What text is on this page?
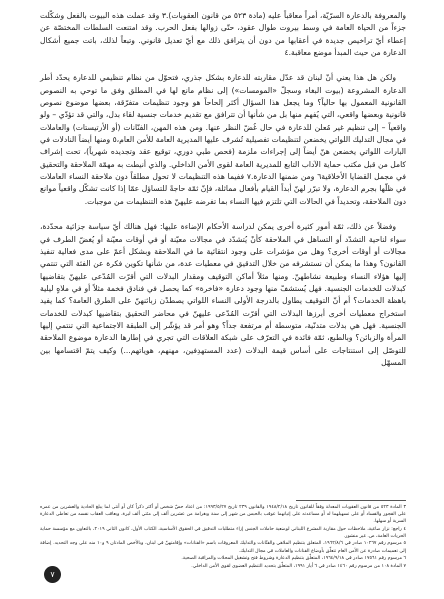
والمعروفة بالدعارة السرّيّة، أمراً معاقباً عليه (مادة ٥٢٣ من قانون العقوبات).٣ وقد عملت هذه البيوت بالفعل وشكّلت جزءاً من الحياة العامة في وسط بيروت طوال عقود، حتّى زوالها بفعل الحرب. وقد امتنعت السلطات المختصّة عن إعطاء أيّ تراخيص جديدة في أعقابها من دون أن يترافق ذلك مع أيّ تعديل قانوني. وتبعاً لذلك، باتت جميع أشكال الدعارة من حيث المبدأ موضع معاقبة.٤

ولكن هل هذا يعني أنّ لبنان قد عدّل مقاربته للدعارة بشكل جذري، فتحوّل من نظام تنظيمي للدعارة يحدّد أطر الدعارة المشروعة (بيوت البغاء وسجلّ «المومسات») إلى نظام مانع لها في المطلق وفق ما توحي به النصوص القانونية المعمول بها حالياً؟ وما يجعل هذا السؤال أكثر إلحاحاً هو وجود تنظيمات متفرّقة، بعضها موضوع نصوص قانونية وبعضها واقعي، التي يُفهم منها بل من شأنها أن تترافق مع تقديم خدمات جنسية لقاء بدل، والتي قد تؤدّي – ولو واقعياً – إلى تنظيم غير مُعلن للدعارة في حال غُضّ النظر عنها. ومن هذه المهن، الفنّانات (أو الأرتيستات) والعاملات في مجال التدليك اللواتي يخضعن لتنظيمات تفصيلية تُشرف عليها المديرية العامة للأمن العام،٥ ومنها أيضاً النادلات في البارات اللواتي يخضعن هنّ أيضاً إلى إجراءات ملزمة (فحص طبي دوري، توقيع عقد وتجديده شهرياً)، تحت إشراف كامل من قبل مكتب حماية الآداب التابع للمديرية العامة لقوى الأمن الداخلي. والذي أنيطت به مهمّة الملاحقة والتحقيق في مجمل القضايا الأخلاقية٦ ومن ضمنها الدعارة.٧ ففيما هذه التنظيمات لا تحول مطلقاً دون ملاحقة النساء العاملات في ظلّها بجرم الدعارة، ولا تبرّر لهنّ أبداً القيام بأفعال مماثلة، فإنّ ثمّة حاجةً للتساؤل عمّا إذا كانت تشكّل واقعياً موانع دون الملاحقة، وتحديداً في الحالات التي تلتزم فيها النساء بما تفرضه عليهنّ هذه التنظيمات من موجبات.

وفضلاً عن ذلك، ثمّة أمور كثيرة أخرى يمكن لدراسة الأحكام الإضاءة عليها: فهل هنالك أيّ سياسة جزائية محدّدة، سواء لناحية التشدّد أو التساهل في الملاحقة كأنْ يُتشدّد في مجالات معيّنة أو في أوقات معيّنة أو يُغضّ الطرف في مجالات أو أوقات أخرى؟ وهل من مؤشرات على وجود انتقائية ما في الملاحقة وبشكل أعمّ على مدى فعالية تنفيذ القانون؟ وهذا ما يمكن أن نستشرفه من خلال التدقيق في معطيات عدة، من شأنها تكوين فكرة عن الفئة التي تنتمي إليها هؤلاء النساء وطبيعة نشاطهنّ. ومنها مثلاً أماكن التوقيف ومقدار البدلات التي أقرّت المُدّعى عليهنّ بتقاضيها كبدلات للخدمات الجنسية. فهل يُستشفّ منها وجود دعارة «فاخرة» كما يحصل في فنادق فخمة مثلاً أو في ملاهٍ ليلية باهظة الخدمات؟ أم أنّ التوقيف يطاول بالدرجة الأولى النساء اللواتي يصطدْن زبائنهنّ على الطرق العامة؟ كما يفيد استخراج معطيات أخرى أبرزها البدلات التي أقرّت المُدّعى عليهنّ في محاضر التحقيق بتقاضيها كبدلات للخدمات الجنسية. فهل هي بدلات متدنّية، متوسطة أم مرتفعة جداً؟ وهو أمر قد يؤشّر إلى الطبقة الاجتماعية التي تنتمي إليها المرأة والزبائن؟ وبالطبع، ثمّة فائدة في التعرّف على شبكة العلاقات التي تجري في إطارها الدعارة موضوع الملاحقة للتوصّل إلى استنتاجات على أساس قيمة البدلات (عدد المستهدِفين، مهنهم، هوياتهم...) وكيف يتمّ اقتسامها بين المسهّل

٣ المادة ٥٢٣ من قانون العقوبات المعدلة وفقاً للقانون تاريخ ١٩٤٨/٢/١٨ والقانون ٢٣٩ تاريخ ١٩٩٣/٥/٢٧: من اعتاد حضّ شخص أو أكثر ذكراً كان أو أنثى لما يبلغ الحادية والعشرين من عمره على الفجور والفساد أو على تسهيلهما له أو مساعدته على إتيانهما عوقب بالحبس من شهر إلى سنة وبغرامة من عشرين ألف إلى مئتي ألف ليرة، ويعاقب العقاب نفسه من تعاطى الدعارة السرية أو سهلها.

٤ راجع: نزار صاغية، ملاحظات حول مقاربة المشرع اللبناني لوضعية حاملات الجنس إزاء متطلبات التدقيق في الحقوق الأساسية، الكتاب الأول، كانون الثاني ٢٠١٩، بالتعاون مع مؤسسة حماية الحريات العامة، ص. غير منشور.

٥ مرسوم رقم ١٠٢٦٧ صادر في ١٩٦٢/٨/٦، المتعلق بتنظيم الملاهي والفنّانات والتدليك المعروفات باسم «الفنانات» وإقامتهنّ في لبنان، وبالأخص المادتان ٩ و١٠ منه على وجه التحديد. إضافة إلى تعميمات صادرة عن الأمن العام تتعلّق بأوضاع الفنانات والعاملات في مجال التدليك.

٦ مرسوم رقم ١٧٥٦١ صادر في ١٩٦٤/٩/١٨، المتعلّق بتنظيم الدعارة وشروط فتح وتشغيل المحلات والمراقبة الصحية.

٧ المادة ١٠٨ من مرسوم رقم ١٤٦٠ صادر في ٦ أيار ١٩٩١، المتعلّق بتحديد التنظيم العضوي لقوى الأمن الداخلي.

٧
